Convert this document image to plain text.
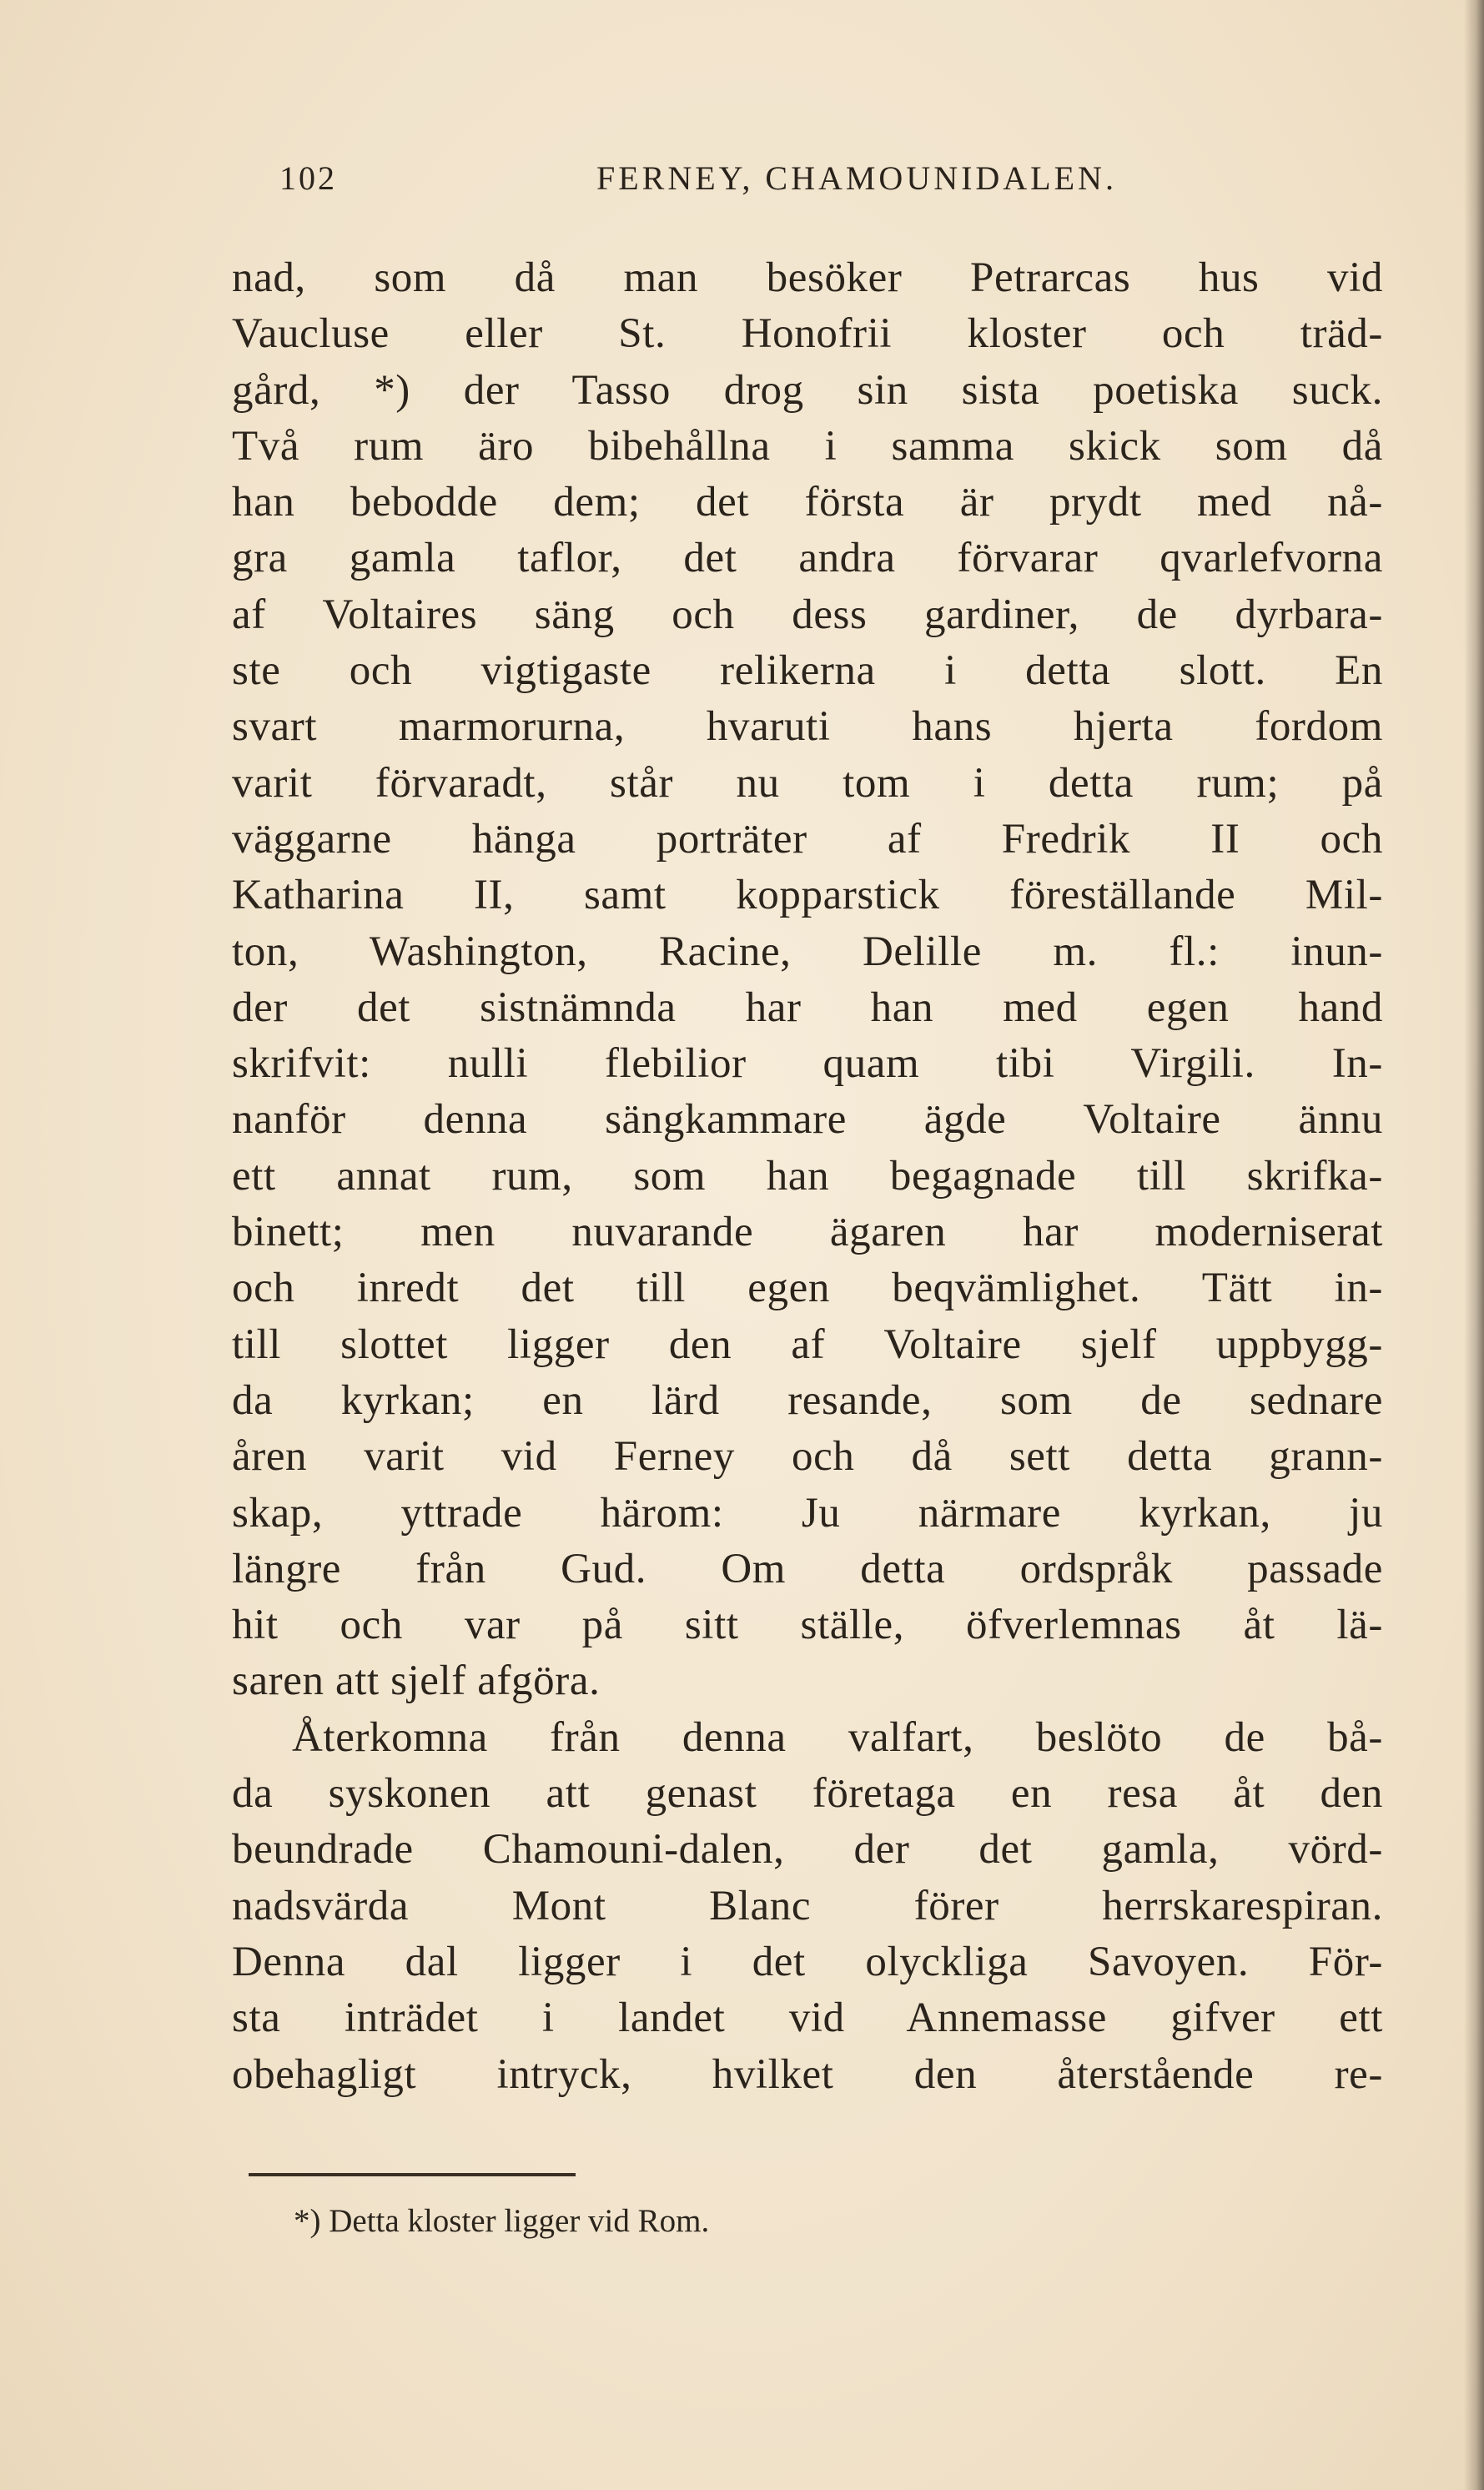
102	FERNEY, CHAMOUNIDALEN.
nad, som då man besöker Petrarcas hus vid
Vaucluse eller St. Honofrii kloster och träd-
gård, *) der Tasso drog sin sista poetiska suck.
Två rum äro bibehållna i samma skick som då
han bebodde dem; det första är prydt med nå-
gra gamla taflor, det andra förvarar qvarlefvorna
af Voltaires säng och dess gardiner, de dyrbara-
ste och vigtigaste relikerna i detta slott. En
svart marmorurna, hvaruti hans hjerta fordom
varit förvaradt, står nu tom i detta rum; på
väggarne hänga porträter af Fredrik II och
Katharina II, samt kopparstick föreställande Mil-
ton, Washington, Racine, Delille m. fl.: inun-
der det sistnämnda har han med egen hand
skrifvit: nulli flebilior quam tibi Virgili. In-
nanför denna sängkammare ägde Voltaire ännu
ett annat rum, som han begagnade till skrifka-
binett; men nuvarande ägaren har moderniserat
och inredt det till egen beqvämlighet. Tätt in-
till slottet ligger den af Voltaire sjelf uppbygg-
da kyrkan; en lärd resande, som de sednare
åren varit vid Ferney och då sett detta grann-
skap, yttrade härom: Ju närmare kyrkan, ju
längre från Gud. Om detta ordspråk passade
hit och var på sitt ställe, öfverlemnas åt lä-
saren att sjelf afgöra.
Återkomna från denna valfart, beslöto de bå-
da syskonen att genast företaga en resa åt den
beundrade Chamouni-dalen, der det gamla, vörd-
nadsvärda Mont Blanc förer herrskarespiran.
Denna dal ligger i det olyckliga Savoyen. För-
sta inträdet i landet vid Annemasse gifver ett
obehagligt intryck, hvilket den återstående re-
*) Detta kloster ligger vid Rom.
